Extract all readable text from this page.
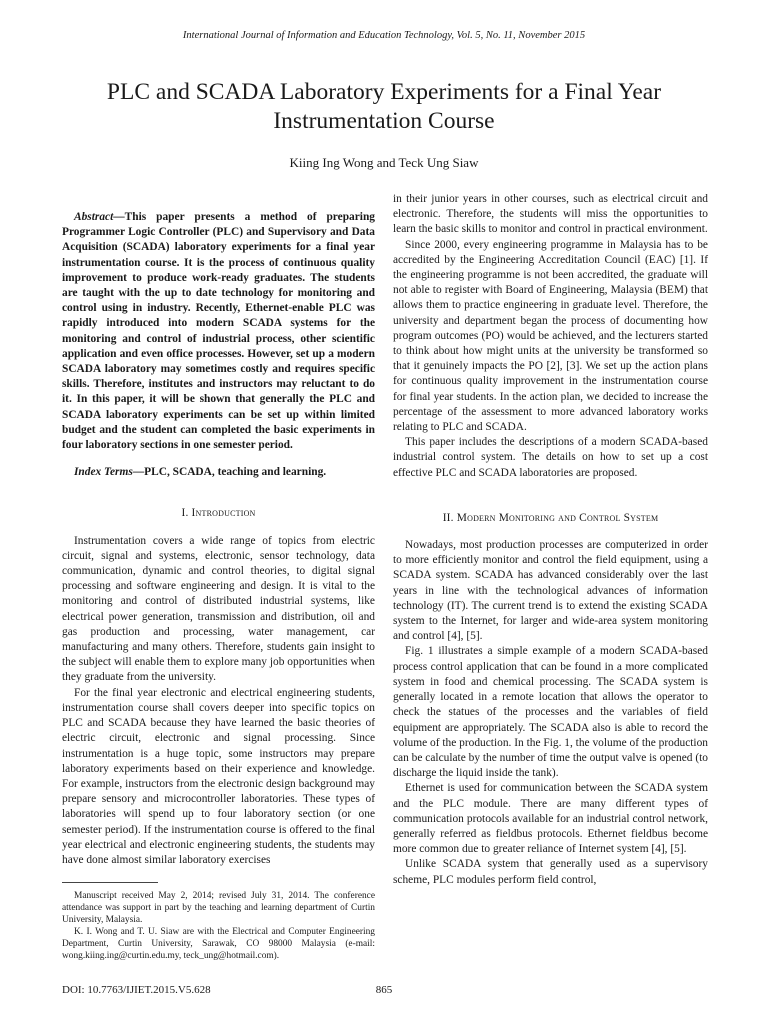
International Journal of Information and Education Technology, Vol. 5, No. 11, November 2015
PLC and SCADA Laboratory Experiments for a Final Year Instrumentation Course
Kiing Ing Wong and Teck Ung Siaw

Abstract—This paper presents a method of preparing Programmer Logic Controller (PLC) and Supervisory and Data Acquisition (SCADA) laboratory experiments for a final year instrumentation course. It is the process of continuous quality improvement to produce work-ready graduates. The students are taught with the up to date technology for monitoring and control using in industry. Recently, Ethernet-enable PLC was rapidly introduced into modern SCADA systems for the monitoring and control of industrial process, other scientific application and even office processes. However, set up a modern SCADA laboratory may sometimes costly and requires specific skills. Therefore, institutes and instructors may reluctant to do it. In this paper, it will be shown that generally the PLC and SCADA laboratory experiments can be set up within limited budget and the student can completed the basic experiments in four laboratory sections in one semester period.

Index Terms—PLC, SCADA, teaching and learning.

I. Introduction

Instrumentation covers a wide range of topics from electric circuit, signal and systems, electronic, sensor technology, data communication, dynamic and control theories, to digital signal processing and software engineering and design. It is vital to the monitoring and control of distributed industrial systems, like electrical power generation, transmission and distribution, oil and gas production and processing, water management, car manufacturing and many others. Therefore, students gain insight to the subject will enable them to explore many job opportunities when they graduate from the university.

For the final year electronic and electrical engineering students, instrumentation course shall covers deeper into specific topics on PLC and SCADA because they have learned the basic theories of electric circuit, electronic and signal processing. Since instrumentation is a huge topic, some instructors may prepare laboratory experiments based on their experience and knowledge. For example, instructors from the electronic design background may prepare sensory and microcontroller laboratories. These types of laboratories will spend up to four laboratory section (or one semester period). If the instrumentation course is offered to the final year electrical and electronic engineering students, the students may have done almost similar laboratory exercises

in their junior years in other courses, such as electrical circuit and electronic. Therefore, the students will miss the opportunities to learn the basic skills to monitor and control in practical environment.

Since 2000, every engineering programme in Malaysia has to be accredited by the Engineering Accreditation Council (EAC) [1]. If the engineering programme is not been accredited, the graduate will not able to register with Board of Engineering, Malaysia (BEM) that allows them to practice engineering in graduate level. Therefore, the university and department began the process of documenting how program outcomes (PO) would be achieved, and the lecturers started to think about how might units at the university be transformed so that it genuinely impacts the PO [2], [3]. We set up the action plans for continuous quality improvement in the instrumentation course for final year students. In the action plan, we decided to increase the percentage of the assessment to more advanced laboratory works relating to PLC and SCADA.

This paper includes the descriptions of a modern SCADA-based industrial control system. The details on how to set up a cost effective PLC and SCADA laboratories are proposed.

II. Modern Monitoring and Control System

Nowadays, most production processes are computerized in order to more efficiently monitor and control the field equipment, using a SCADA system. SCADA has advanced considerably over the last years in line with the technological advances of information technology (IT). The current trend is to extend the existing SCADA system to the Internet, for larger and wide-area system monitoring and control [4], [5].

Fig. 1 illustrates a simple example of a modern SCADA-based process control application that can be found in a more complicated system in food and chemical processing. The SCADA system is generally located in a remote location that allows the operator to check the statues of the processes and the variables of field equipment are appropriately. The SCADA also is able to record the volume of the production. In the Fig. 1, the volume of the production can be calculate by the number of time the output valve is opened (to discharge the liquid inside the tank).

Ethernet is used for communication between the SCADA system and the PLC module. There are many different types of communication protocols available for an industrial control network, generally referred as fieldbus protocols. Ethernet fieldbus become more common due to greater reliance of Internet system [4], [5].

Unlike SCADA system that generally used as a supervisory scheme, PLC modules perform field control,

Manuscript received May 2, 2014; revised July 31, 2014. The conference attendance was support in part by the teaching and learning department of Curtin University, Malaysia.

K. I. Wong and T. U. Siaw are with the Electrical and Computer Engineering Department, Curtin University, Sarawak, CO 98000 Malaysia (e-mail: wong.kiing.ing@curtin.edu.my, teck_ung@hotmail.com).

DOI: 10.7763/IJIET.2015.V5.628	865
